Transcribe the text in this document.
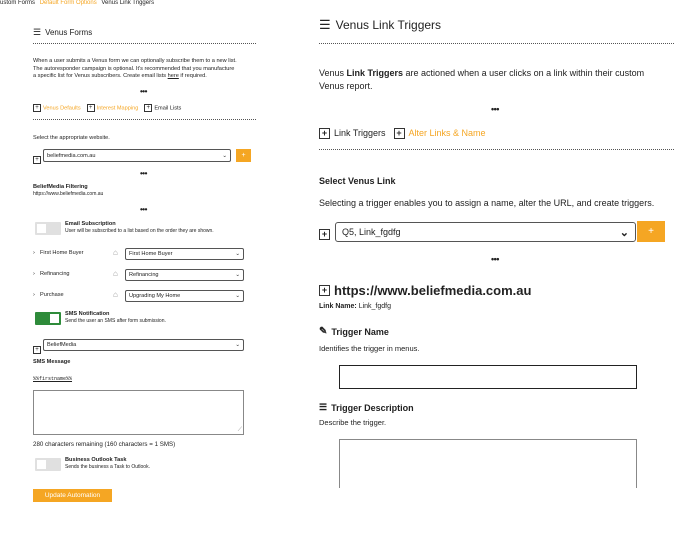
ustom Forms Default Form Options Venus Link Triggers
☰ Venus Forms
When a user submits a Venus form we can optionally subscribe them to a new list.
The autoresponder campaign is optional. It's recommended that you manufacture
a specific list for Venus subscribers. Create email lists here if required.
•••
+ Venus Defaults	+ Interest Mapping	+ Email Lists
Select the appropriate website.
+
beliefmedia.com.au	⌄	+
•••
BeliefMedia Filtering
https://www.beliefmedia.com.au
•••
Email Subscription
User will be subscribed to a list based on the order they are shown.
› First Home Buyer	⌂ First Home Buyer	⌄
› Refinancing	⌂ Refinancing	⌄
› Purchase	⌂ Upgrading My Home	⌄
SMS Notification
Send the user an SMS after form submission.
+
BeliefMedia	⌄
SMS Message
%%firstname%%
⟋
280 characters remaining (160 characters = 1 SMS)
Business Outlook Task
Sends the business a Task to Outlook.
Update Automation
☰ Venus Link Triggers
Venus Link Triggers are actioned when a user clicks on a link within their custom
Venus report.
•••
+ Link Triggers	+ Alter Links & Name
Select Venus Link
Selecting a trigger enables you to assign a name, alter the URL, and create triggers.
+	Q5, Link_fgdfg	⌄	+
•••
+ https://www.beliefmedia.com.au
Link Name: Link_fgdfg
✎ Trigger Name
Identifies the trigger in menus.
☰ Trigger Description
Describe the trigger.
